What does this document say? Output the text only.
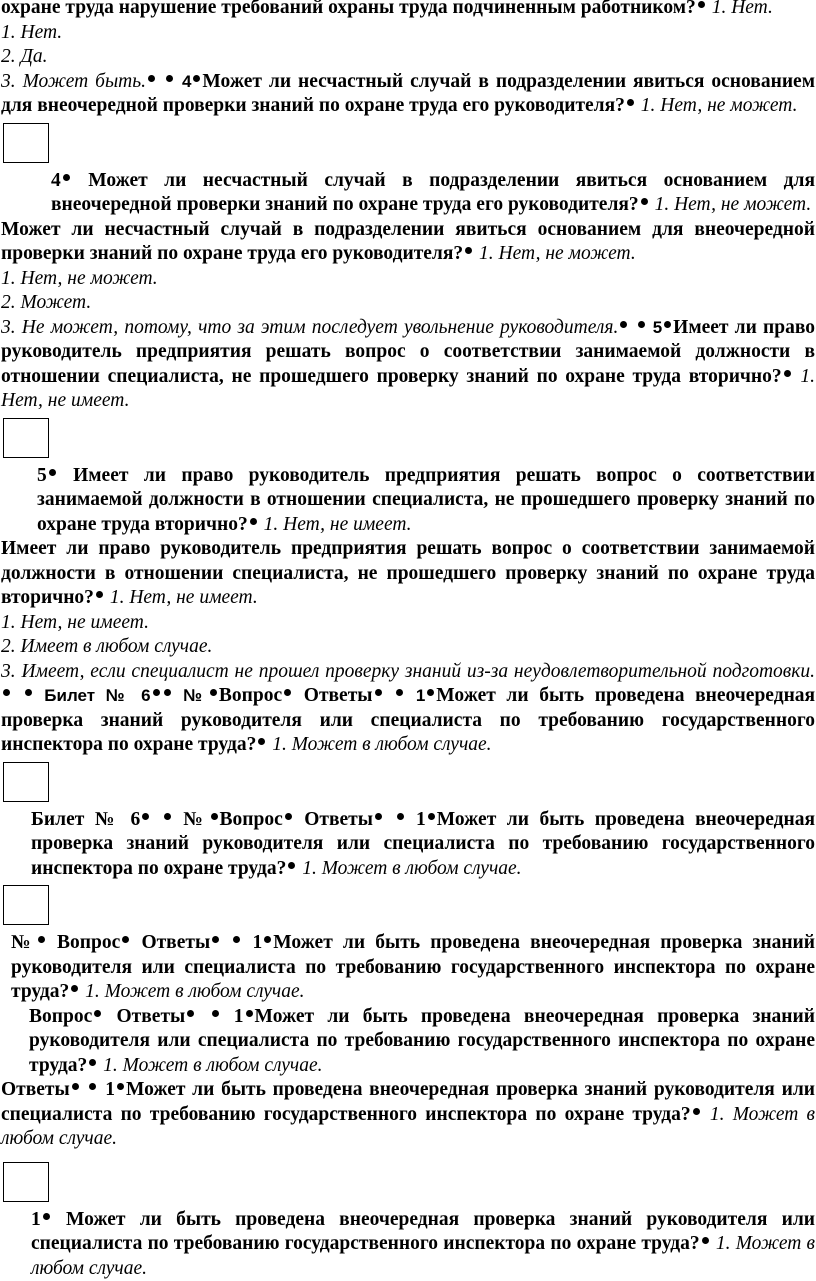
охране труда нарушение требований охраны труда подчиненным работником? 1. Нет.

1. Нет.

2. Да.

3. Может быть. 4 Может ли несчастный случай в подразделении явиться основанием для внеочередной проверки знаний по охране труда его руководителя? 1. Нет, не может.

4 Может ли несчастный случай в подразделении явиться основанием для внеочередной проверки знаний по охране труда его руководителя? 1. Нет, не может.

Может ли несчастный случай в подразделении явиться основанием для внеочередной проверки знаний по охране труда его руководителя? 1. Нет, не может.

1. Нет, не может.

2. Может.

3. Не может, потому, что за этим последует увольнение руководителя. 5 Имеет ли право руководитель предприятия решать вопрос о соответствии занимаемой должности в отношении специалиста, не прошедшего проверку знаний по охране труда вторично? 1. Нет, не имеет.

5 Имеет ли право руководитель предприятия решать вопрос о соответствии занимаемой должности в отношении специалиста, не прошедшего проверку знаний по охране труда вторично? 1. Нет, не имеет.

Имеет ли право руководитель предприятия решать вопрос о соответствии занимаемой должности в отношении специалиста, не прошедшего проверку знаний по охране труда вторично? 1. Нет, не имеет.

1. Нет, не имеет.

2. Имеет в любом случае.

3. Имеет, если специалист не прошел проверку знаний из-за неудовлетворительной подготовки.  Билет № 6 № Вопрос Ответы	1 Может ли быть проведена внеочередная проверка знаний руководителя или специалиста по требованию государственного инспектора по охране труда? 1. Может в любом случае.

Билет № 6 № Вопрос Ответы 1 Может ли быть проведена внеочередная проверка знаний руководителя или специалиста по требованию государственного инспектора по охране труда? 1. Может в любом случае.

№ Вопрос Ответы 1 Может ли быть проведена внеочередная проверка знаний руководителя или специалиста по требованию государственного инспектора по охране труда? 1. Может в любом случае.

Вопрос Ответы 1 Может ли быть проведена внеочередная проверка знаний руководителя или специалиста по требованию государственного инспектора по охране труда? 1. Может в любом случае.

Ответы 1 Может ли быть проведена внеочередная проверка знаний руководителя или специалиста по требованию государственного инспектора по охране труда? 1. Может в любом случае.

1 Может ли быть проведена внеочередная проверка знаний руководителя или специалиста по требованию государственного инспектора по охране труда? 1. Может в любом случае.
